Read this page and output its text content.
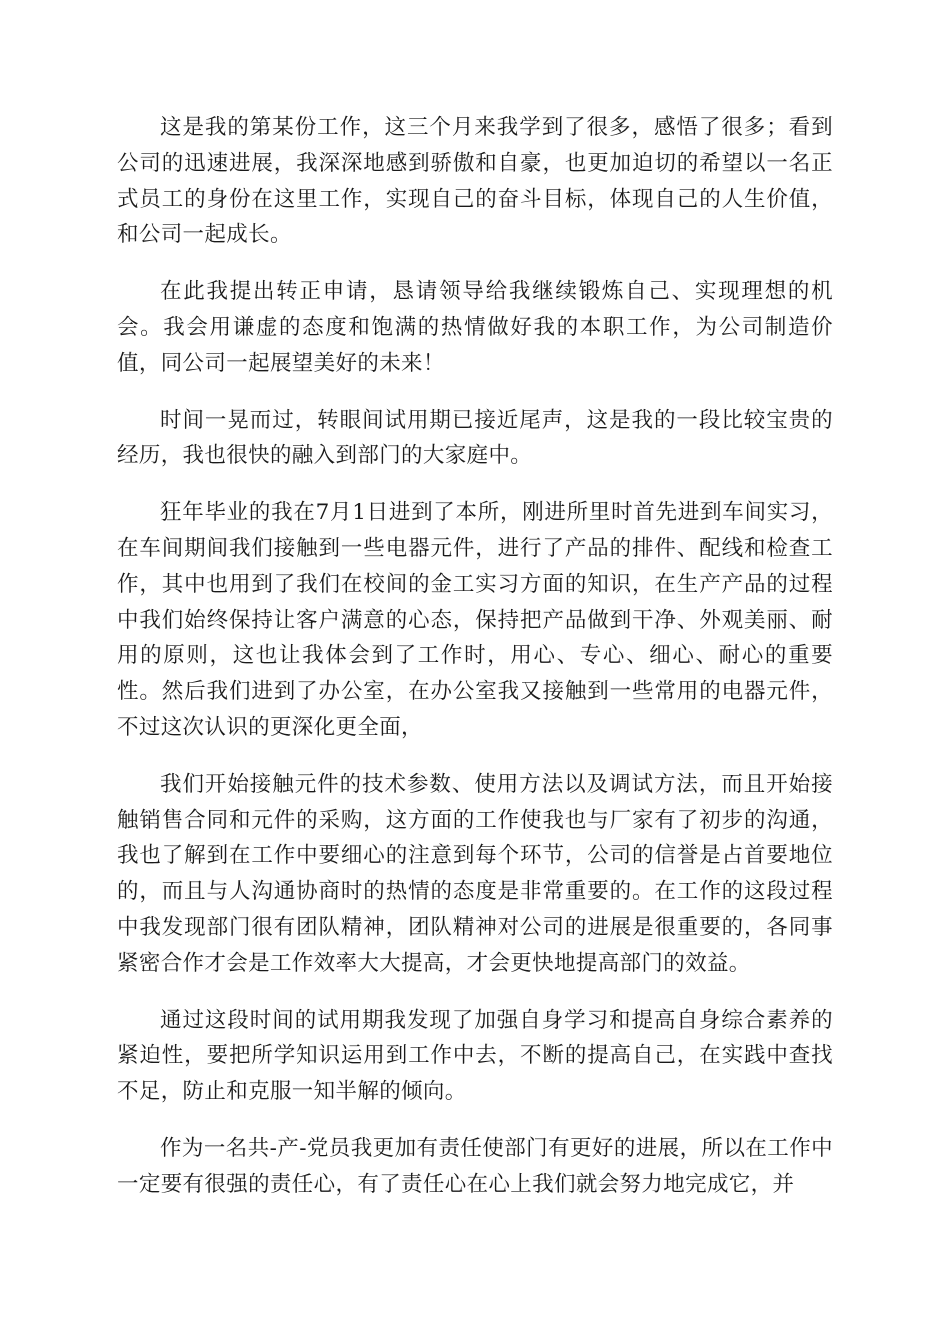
这是我的第某份工作，这三个月来我学到了很多，感悟了很多；看到公司的迅速进展，我深深地感到骄傲和自豪，也更加迫切的希望以一名正式员工的身份在这里工作，实现自己的奋斗目标，体现自己的人生价值，和公司一起成长。

在此我提出转正申请，恳请领导给我继续锻炼自己、实现理想的机会。我会用谦虚的态度和饱满的热情做好我的本职工作，为公司制造价值，同公司一起展望美好的未来！

时间一晃而过，转眼间试用期已接近尾声，这是我的一段比较宝贵的经历，我也很快的融入到部门的大家庭中。

狂年毕业的我在7月1日进到了本所，刚进所里时首先进到车间实习，在车间期间我们接触到一些电器元件，进行了产品的排件、配线和检查工作，其中也用到了我们在校间的金工实习方面的知识，在生产产品的过程中我们始终保持让客户满意的心态，保持把产品做到干净、外观美丽、耐用的原则，这也让我体会到了工作时，用心、专心、细心、耐心的重要性。然后我们进到了办公室，在办公室我又接触到一些常用的电器元件，不过这次认识的更深化更全面，

我们开始接触元件的技术参数、使用方法以及调试方法，而且开始接触销售合同和元件的采购，这方面的工作使我也与厂家有了初步的沟通，我也了解到在工作中要细心的注意到每个环节，公司的信誉是占首要地位的，而且与人沟通协商时的热情的态度是非常重要的。在工作的这段过程中我发现部门很有团队精神，团队精神对公司的进展是很重要的，各同事紧密合作才会是工作效率大大提高，才会更快地提高部门的效益。

通过这段时间的试用期我发现了加强自身学习和提高自身综合素养的紧迫性，要把所学知识运用到工作中去，不断的提高自己，在实践中查找不足，防止和克服一知半解的倾向。

作为一名共-产-党员我更加有责任使部门有更好的进展，所以在工作中一定要有很强的责任心，有了责任心在心上我们就会努力地完成它，并
